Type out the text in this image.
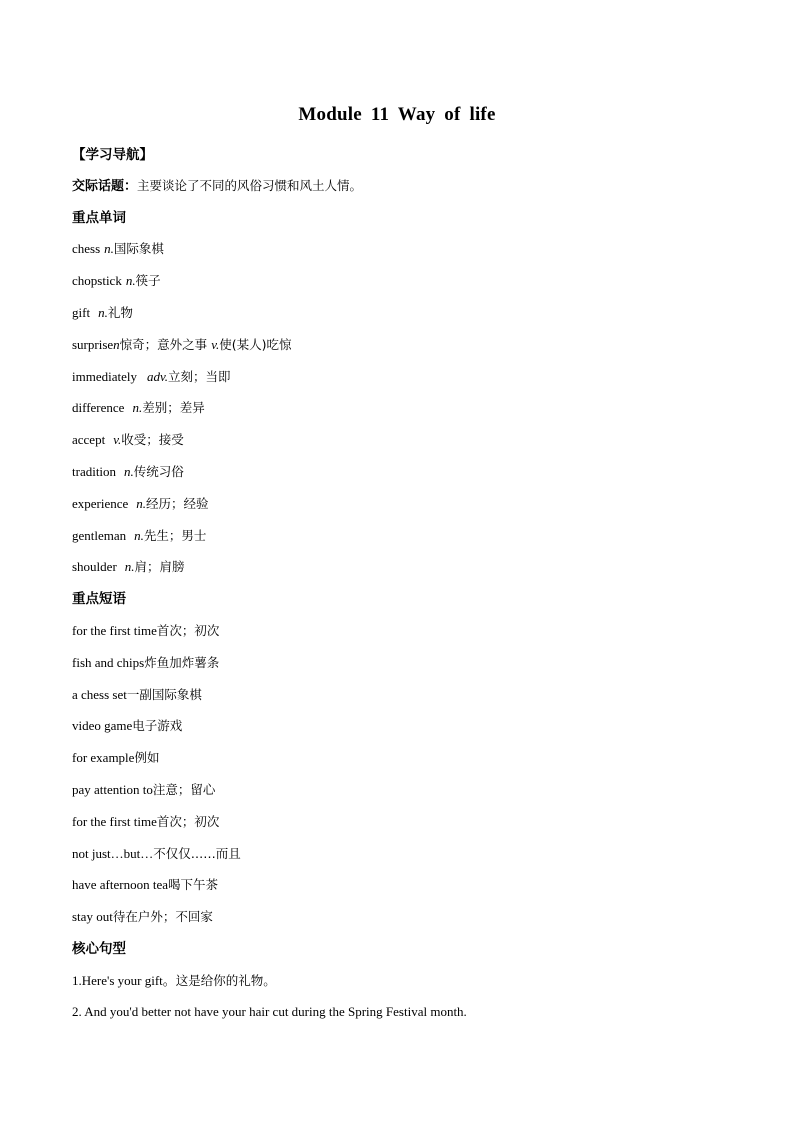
Module 11 Way of life
【学习导航】
交际话题：主要谈论了不同的风俗习惯和风土人情。
重点单词
chess n.国际象棋
chopstick n.筷子
gift n.礼物
surprisen惊奇；意外之事 v.使(某人)吃惊
immediately adv.立刻；当即
difference n.差别；差异
accept v.收受；接受
tradition n.传统习俗
experience n.经历；经验
gentleman n.先生；男士
shoulder n.肩；肩膀
重点短语
for the first time首次；初次
fish and chips炸鱼加炸薯条
a chess set一副国际象棋
video game电子游戏
for example例如
pay attention to注意；留心
for the first time首次；初次
not just…but…不仅仅……而且
have afternoon tea喝下午茶
stay out待在户外；不回家
核心句型
1.Here's your gift。这是给你的礼物。
2. And you'd better not have your hair cut during the Spring Festival month.
